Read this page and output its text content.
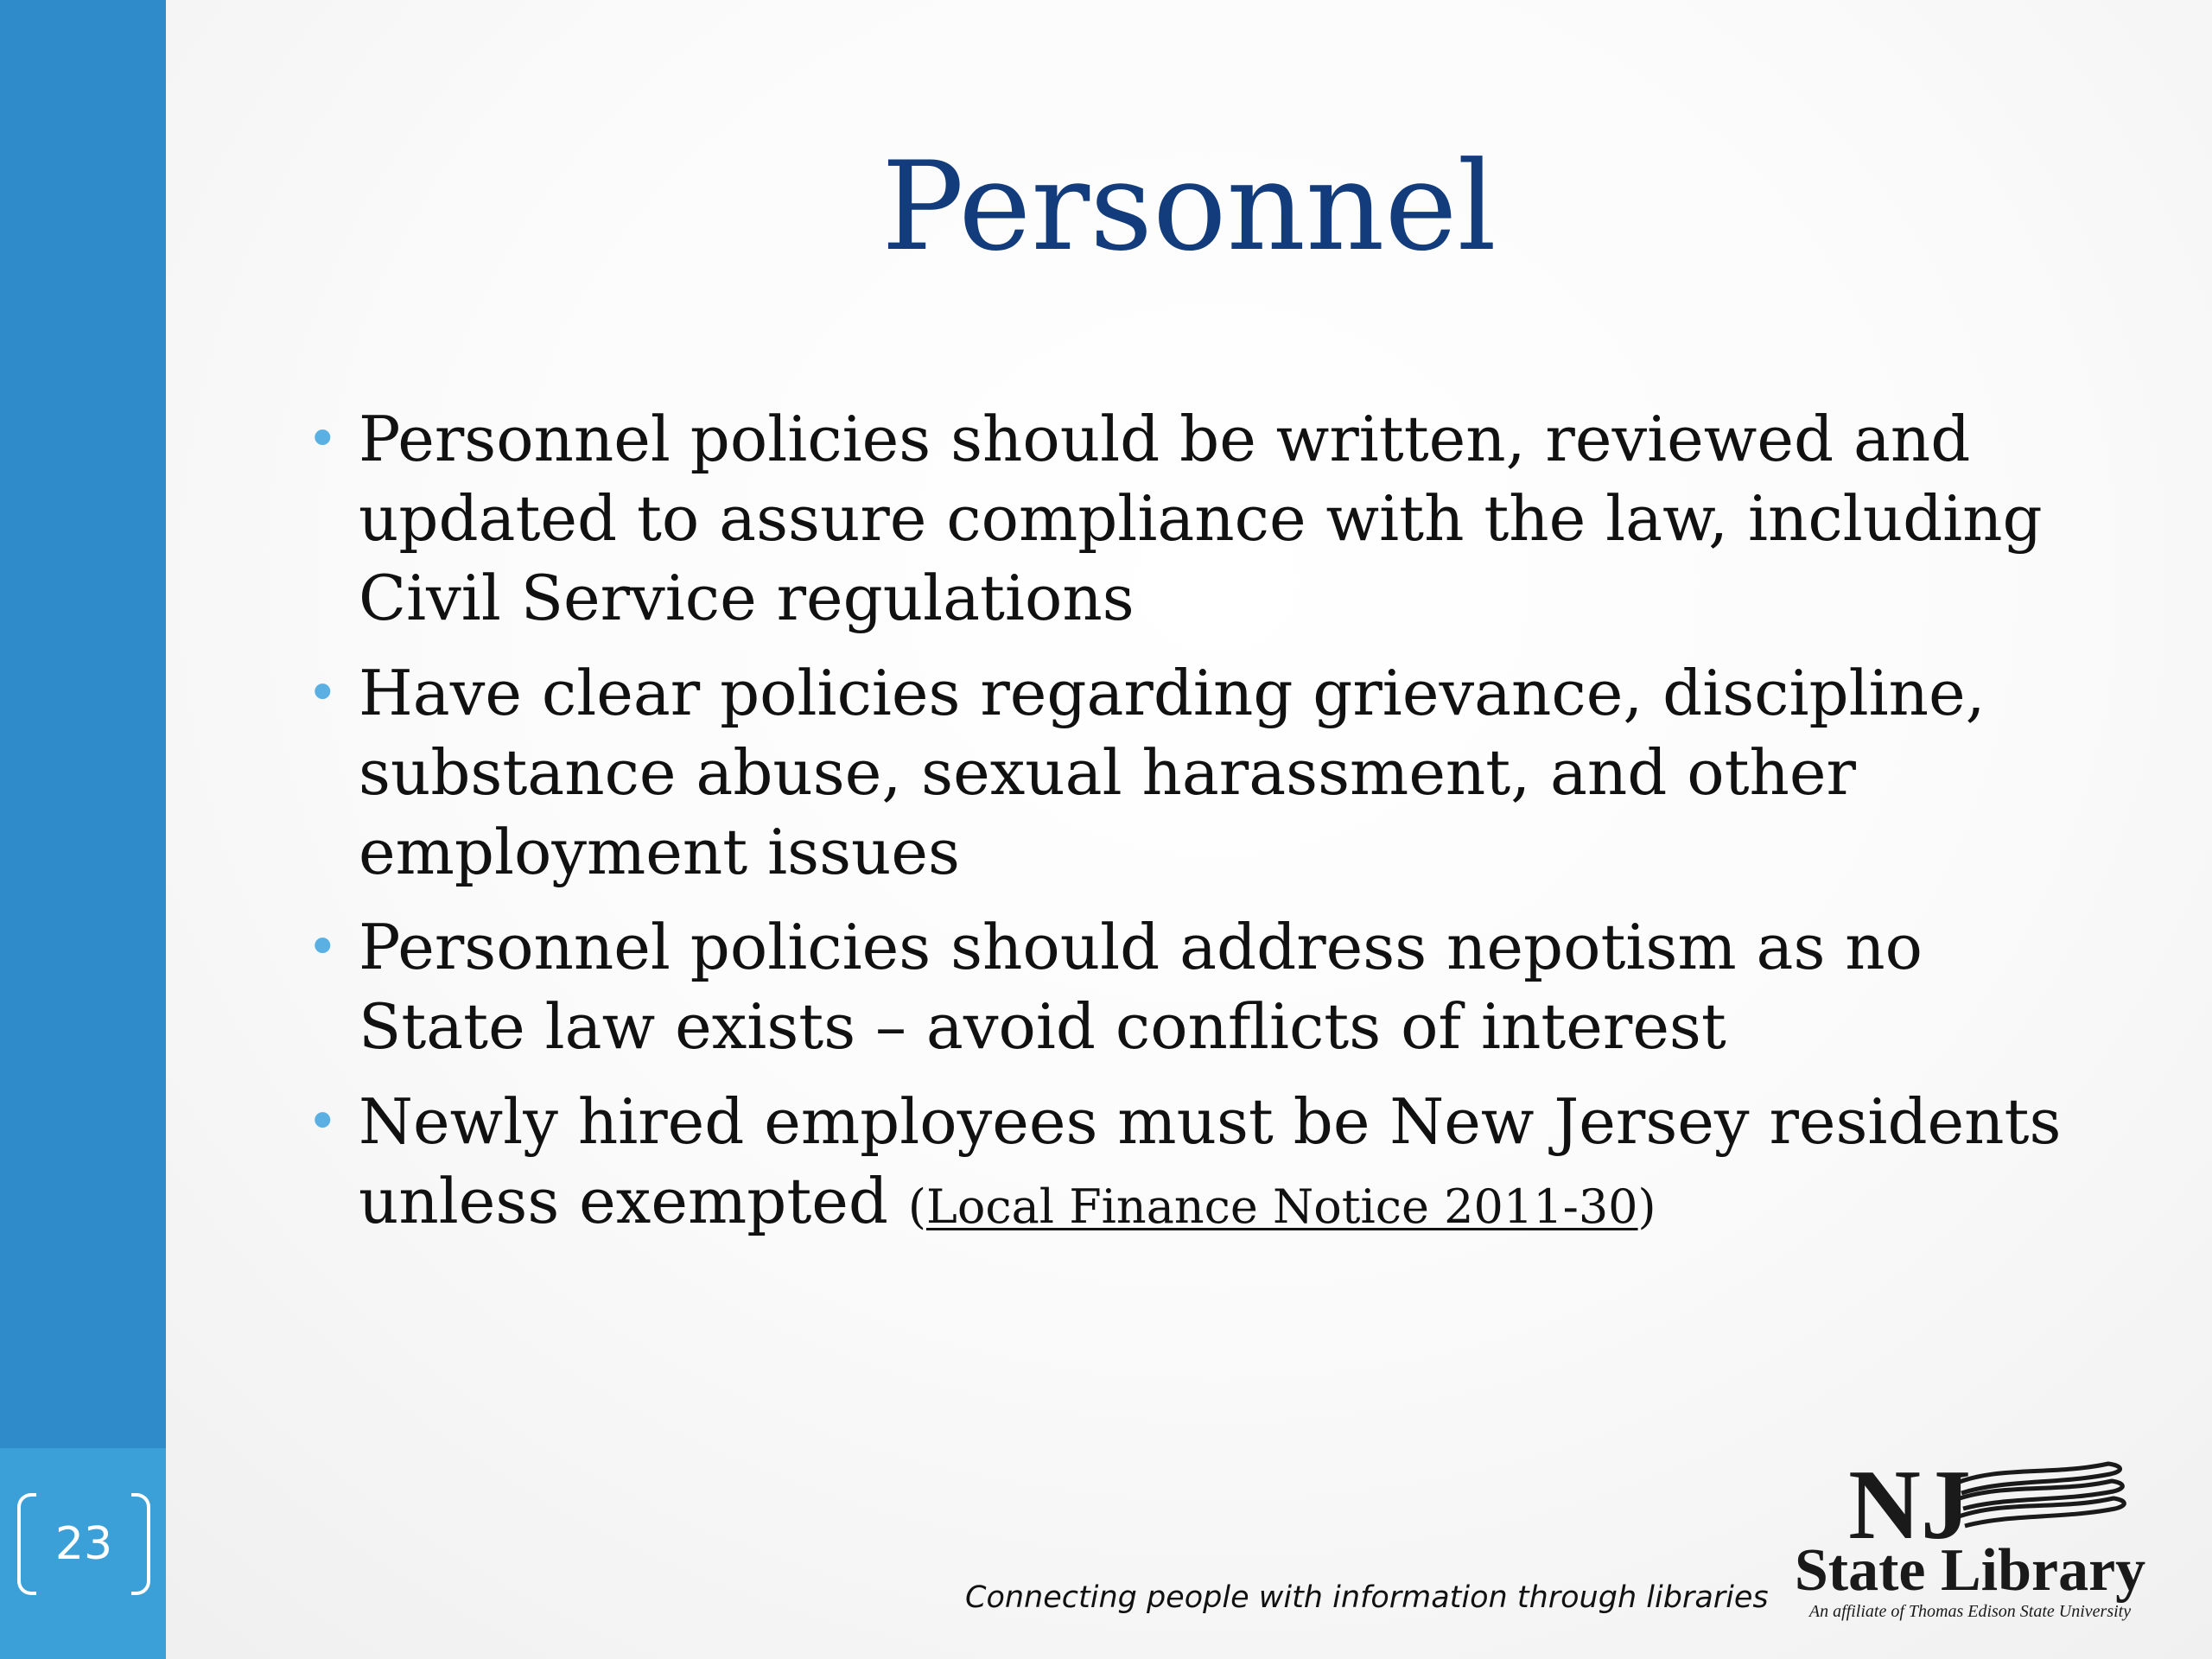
23
Personnel
• Personnel policies should be written, reviewed and updated to assure compliance with the law, including Civil Service regulations
• Have clear policies regarding grievance, discipline, substance abuse, sexual harassment, and other employment issues
• Personnel policies should address nepotism as no State law exists – avoid conflicts of interest
• Newly hired employees must be New Jersey residents unless exempted (Local Finance Notice 2011-30)

Connecting people with information through libraries

NJ
State Library
An affiliate of Thomas Edison State University
